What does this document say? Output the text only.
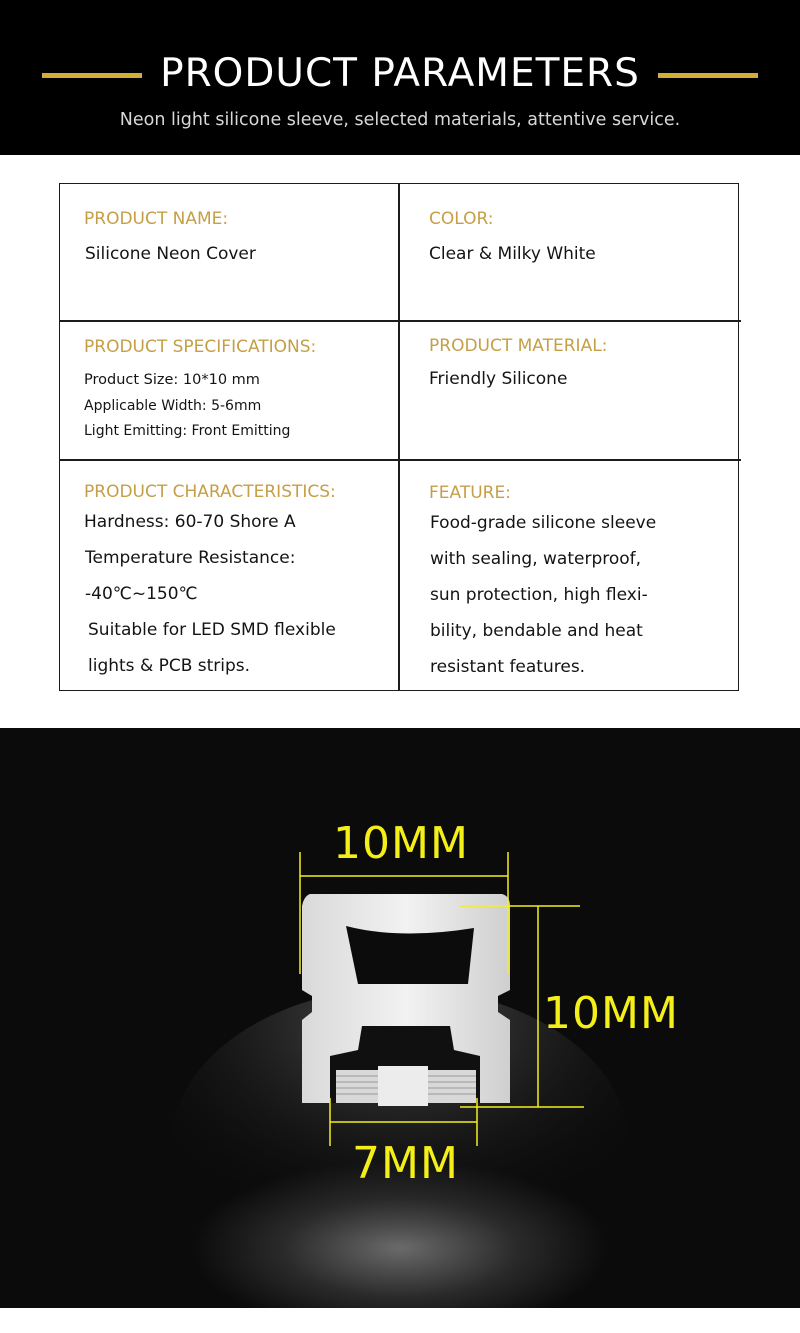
PRODUCT PARAMETERS
Neon light silicone sleeve, selected materials, attentive service.
PRODUCT NAME:
Silicone Neon Cover
COLOR:
Clear & Milky White
PRODUCT SPECIFICATIONS:
Product Size: 10*10 mm
Applicable Width: 5-6mm
Light Emitting: Front Emitting
PRODUCT MATERIAL:
Friendly Silicone
PRODUCT CHARACTERISTICS:
Hardness: 60-70 Shore A
Temperature Resistance:
-40℃~150℃
Suitable for LED SMD flexible
lights & PCB strips.
FEATURE:
Food-grade silicone sleeve
with sealing, waterproof,
sun protection, high flexi-
bility, bendable and heat
resistant features.
10MM
10MM
7MM
